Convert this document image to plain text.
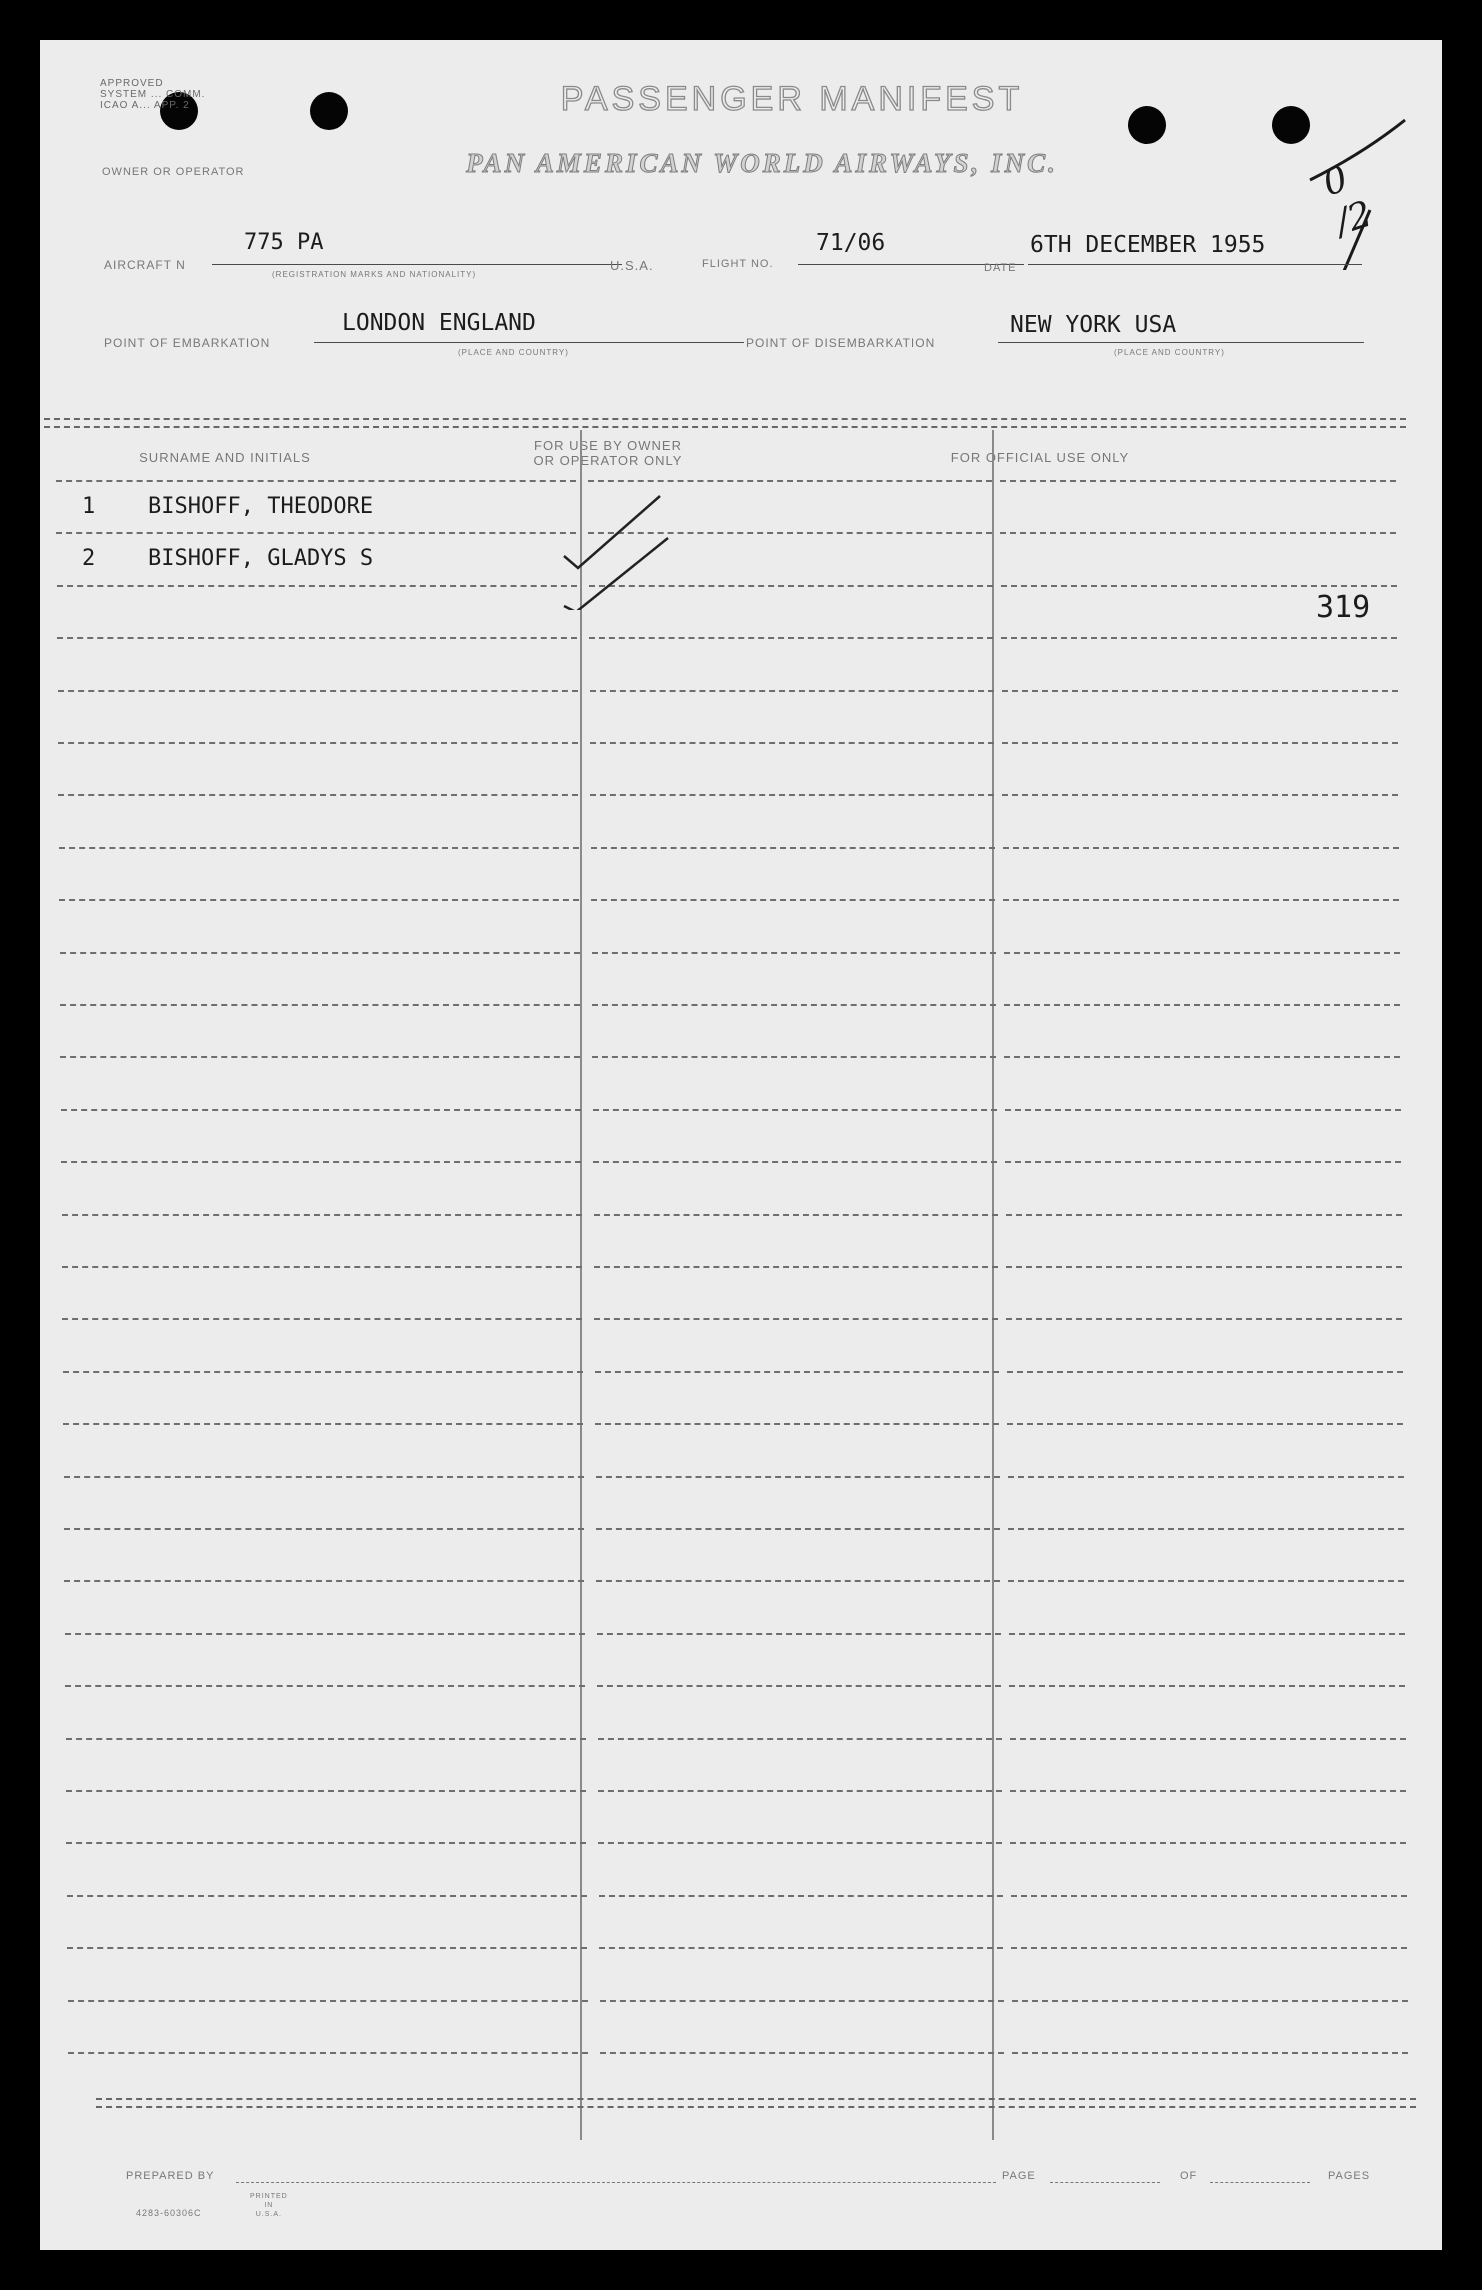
APPROVED
SYSTEM ... COMM.
ICAO A... APP. 2
OWNER OR OPERATOR
PASSENGER MANIFEST
PAN AMERICAN WORLD AIRWAYS, INC.	0
/2
AIRCRAFT N
775 PA
(REGISTRATION MARKS AND NATIONALITY)
U.S.A.	FLIGHT NO.
71/06
DATE
6TH DECEMBER 1955
POINT OF EMBARKATION
LONDON ENGLAND
(PLACE AND COUNTRY)
POINT OF DISEMBARKATION
NEW YORK USA
(PLACE AND COUNTRY)
SURNAME AND INITIALS
FOR USE BY OWNER
OR OPERATOR ONLY	FOR OFFICIAL USE ONLY
1 BISHOFF, THEODORE
2 BISHOFF, GLADYS S
319
PREPARED BY	PAGE	OF	PAGES
4283-60306C
PRINTED
IN
U.S.A.
